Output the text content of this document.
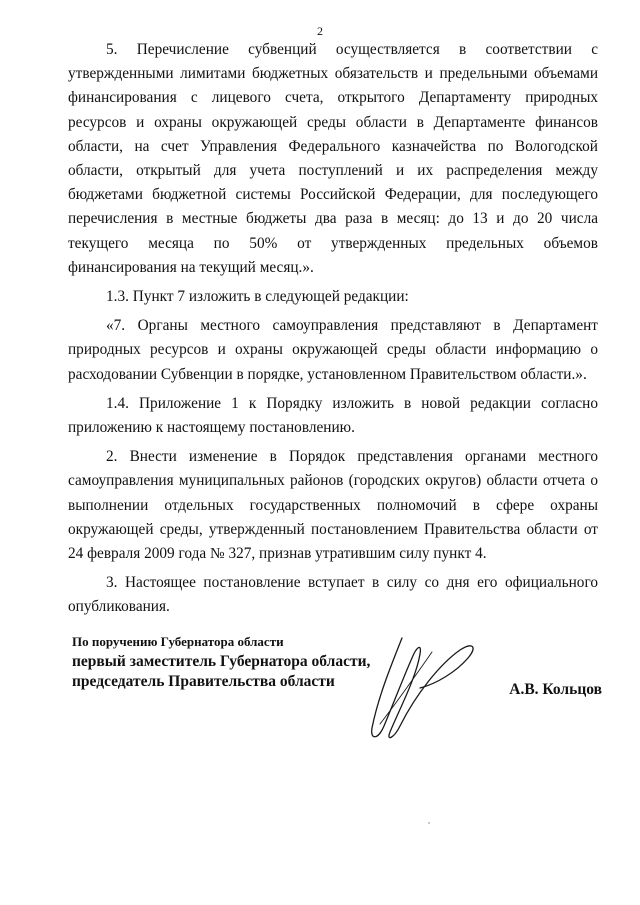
2

5. Перечисление субвенций осуществляется в соответствии с утвержденными лимитами бюджетных обязательств и предельными объемами финансирования с лицевого счета, открытого Департаменту природных ресурсов и охраны окружающей среды области в Департаменте финансов области, на счет Управления Федерального казначейства по Вологодской области, открытый для учета поступлений и их распределения между бюджетами бюджетной системы Российской Федерации, для последующего перечисления в местные бюджеты два раза в месяц: до 13 и до 20 числа текущего месяца по 50% от утвержденных предельных объемов финансирования на текущий месяц.».

1.3. Пункт 7 изложить в следующей редакции:

«7. Органы местного самоуправления представляют в Департамент природных ресурсов и охраны окружающей среды области информацию о расходовании Субвенции в порядке, установленном Правительством области.».

1.4. Приложение 1 к Порядку изложить в новой редакции согласно приложению к настоящему постановлению.

2. Внести изменение в Порядок представления органами местного самоуправления муниципальных районов (городских округов) области отчета о выполнении отдельных государственных полномочий в сфере охраны окружающей среды, утвержденный постановлением Правительства области от 24 февраля 2009 года № 327, признав утратившим силу пункт 4.

3. Настоящее постановление вступает в силу со дня его официального опубликования.

По поручению Губернатора области
первый заместитель Губернатора области,
председатель Правительства области	А.В. Кольцов
